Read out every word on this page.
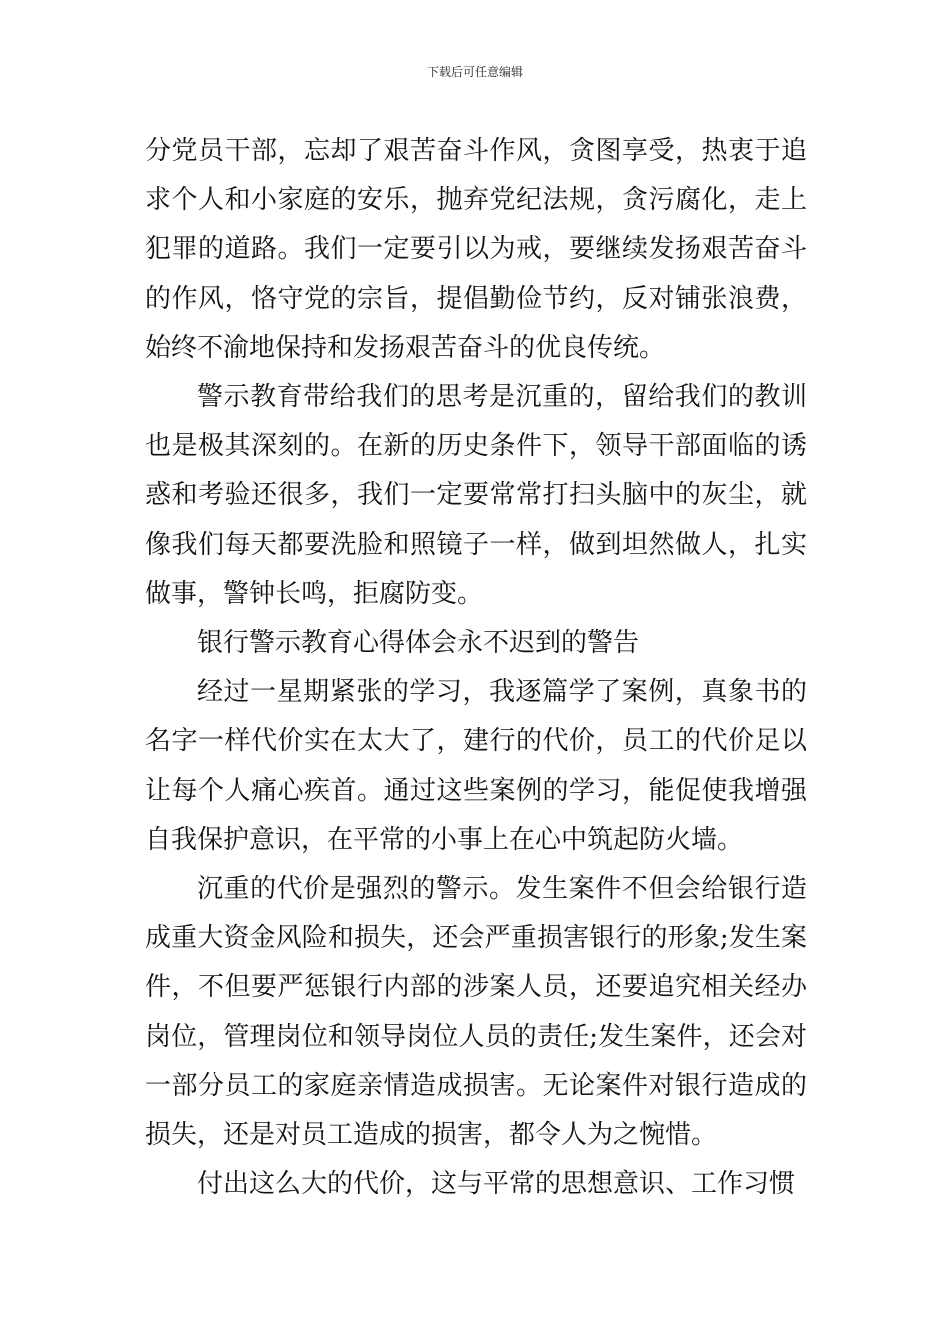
下载后可任意编辑

分党员干部，忘却了艰苦奋斗作风，贪图享受，热衷于追求个人和小家庭的安乐，抛弃党纪法规，贪污腐化，走上犯罪的道路。我们一定要引以为戒，要继续发扬艰苦奋斗的作风，恪守党的宗旨，提倡勤俭节约，反对铺张浪费，始终不渝地保持和发扬艰苦奋斗的优良传统。

警示教育带给我们的思考是沉重的，留给我们的教训也是极其深刻的。在新的历史条件下，领导干部面临的诱惑和考验还很多，我们一定要常常打扫头脑中的灰尘，就像我们每天都要洗脸和照镜子一样，做到坦然做人，扎实做事，警钟长鸣，拒腐防变。

银行警示教育心得体会永不迟到的警告

经过一星期紧张的学习，我逐篇学了案例，真象书的名字一样代价实在太大了，建行的代价，员工的代价足以让每个人痛心疾首。通过这些案例的学习，能促使我增强自我保护意识，在平常的小事上在心中筑起防火墙。

沉重的代价是强烈的警示。发生案件不但会给银行造成重大资金风险和损失，还会严重损害银行的形象;发生案件，不但要严惩银行内部的涉案人员，还要追究相关经办岗位，管理岗位和领导岗位人员的责任;发生案件，还会对一部分员工的家庭亲情造成损害。无论案件对银行造成的损失，还是对员工造成的损害，都令人为之惋惜。

付出这么大的代价，这与平常的思想意识、工作习惯
